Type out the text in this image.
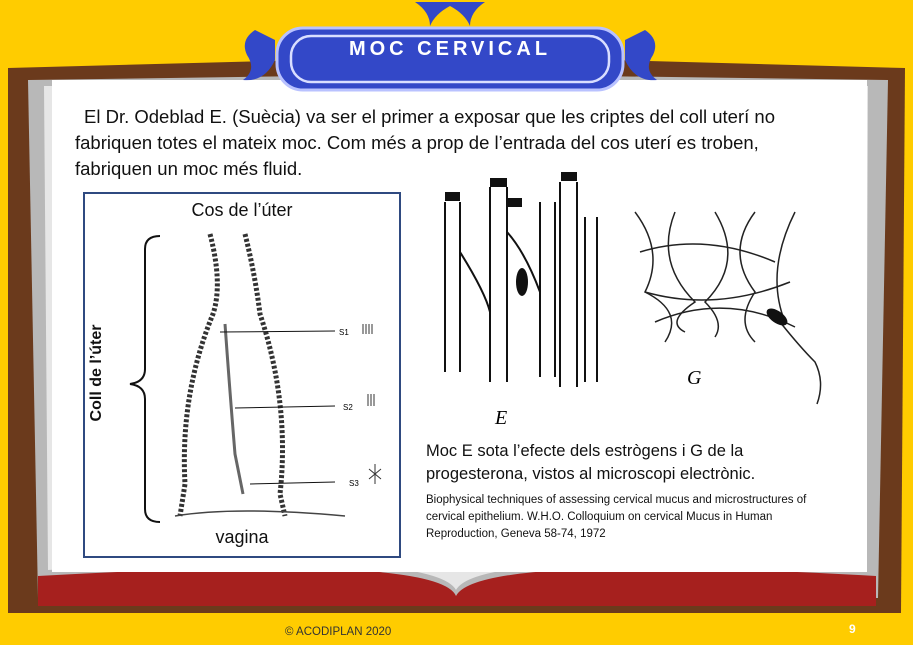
MOC CERVICAL
El Dr. Odeblad E. (Suècia) va ser el primer a exposar que les criptes del coll uterí no fabriquen totes el mateix moc. Com més a prop de l’entrada del cos uterí es troben, fabriquen un moc més fluid.
Cos de l’úter
vagina
Coll de l’úter	S1
S2
S3
E
G
Moc E sota l’efecte dels estrògens i G de la progesterona, vistos al microscopi electrònic.
Biophysical techniques of assessing cervical mucus and microstructures of cervical epithelium. W.H.O. Colloquium on cervical Mucus in Human Reproduction, Geneva 58-74, 1972
© ACODIPLAN 2020	9
